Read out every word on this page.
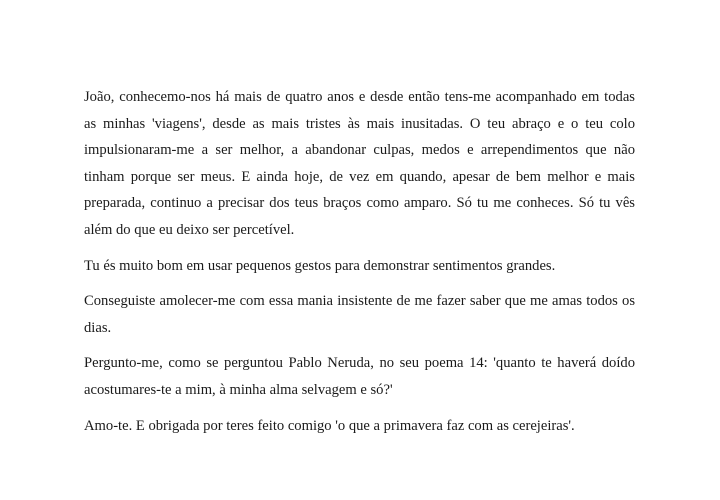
João, conhecemo-nos há mais de quatro anos e desde então tens-me acompanhado em todas as minhas 'viagens', desde as mais tristes às mais inusitadas. O teu abraço e o teu colo impulsionaram-me a ser melhor, a abandonar culpas, medos e arrependimentos que não tinham porque ser meus. E ainda hoje, de vez em quando, apesar de bem melhor e mais preparada, continuo a precisar dos teus braços como amparo. Só tu me conheces. Só tu vês além do que eu deixo ser percetível.

Tu és muito bom em usar pequenos gestos para demonstrar sentimentos grandes.

Conseguiste amolecer-me com essa mania insistente de me fazer saber que me amas todos os dias.

Pergunto-me, como se perguntou Pablo Neruda, no seu poema 14: 'quanto te haverá doído acostumares-te a mim, à minha alma selvagem e só?'

Amo-te. E obrigada por teres feito comigo 'o que a primavera faz com as cerejeiras'.
